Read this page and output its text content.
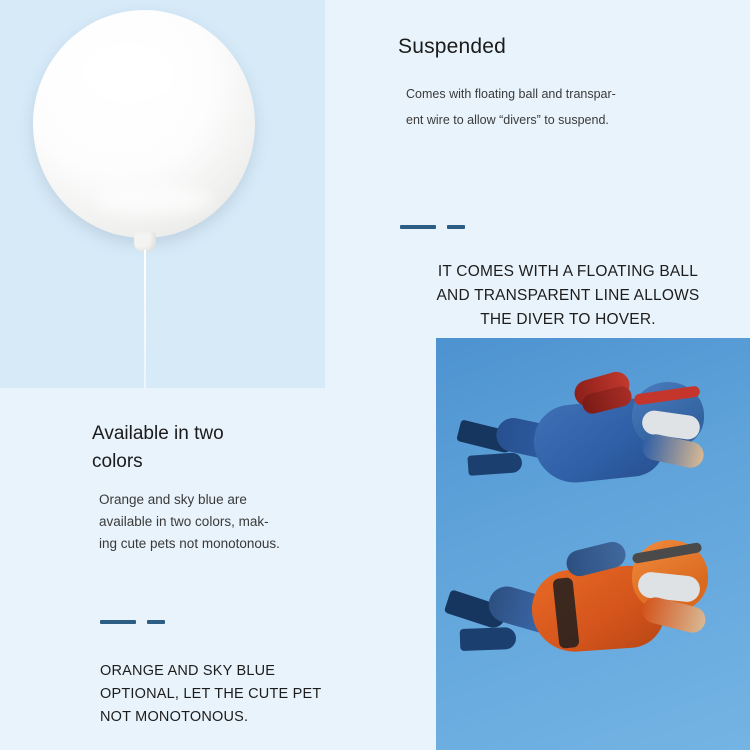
Suspended
Comes with floating ball and transpar-
ent wire to allow “divers” to suspend.
IT COMES WITH A FLOATING BALL
AND TRANSPARENT LINE ALLOWS
THE DIVER TO HOVER.
Available in two
colors
Orange and sky blue are
available in two colors, mak-
ing cute pets not monotonous.
ORANGE AND SKY BLUE
OPTIONAL, LET THE CUTE PET
NOT MONOTONOUS.
